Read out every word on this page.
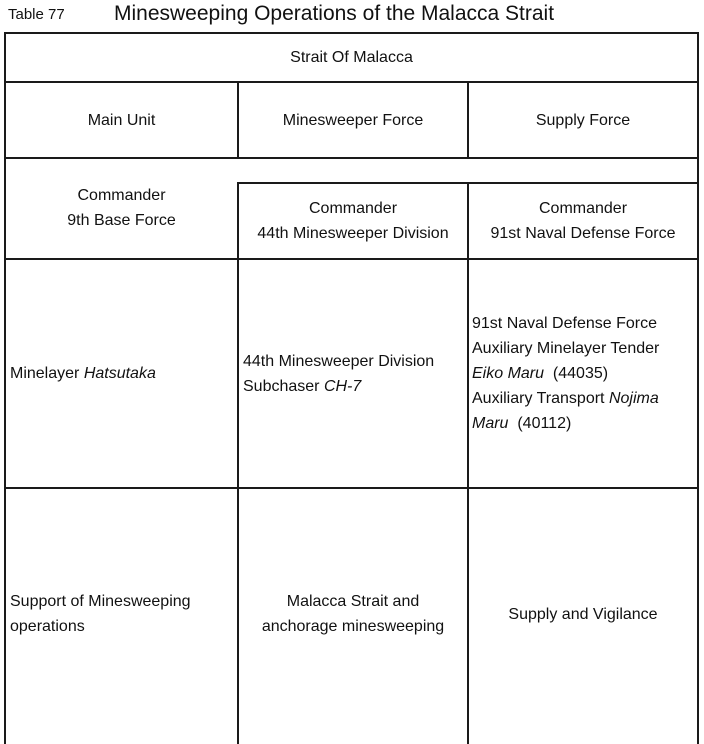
Table 77 Minesweeping Operations of the Malacca Strait
Strait Of Malacca
Main Unit	Minesweeper Force	Supply Force
Commander
9th Base Force
Commander
44th Minesweeper Division
Commander
91st Naval Defense Force
Minelayer Hatsutaka
44th Minesweeper Division
Subchaser CH-7
91st Naval Defense Force
Auxiliary Minelayer Tender
Eiko Maru  (44035)
Auxiliary Transport Nojima
Maru  (40112)
Support of Minesweeping
operations
Malacca Strait and
anchorage minesweeping
Supply and Vigilance
